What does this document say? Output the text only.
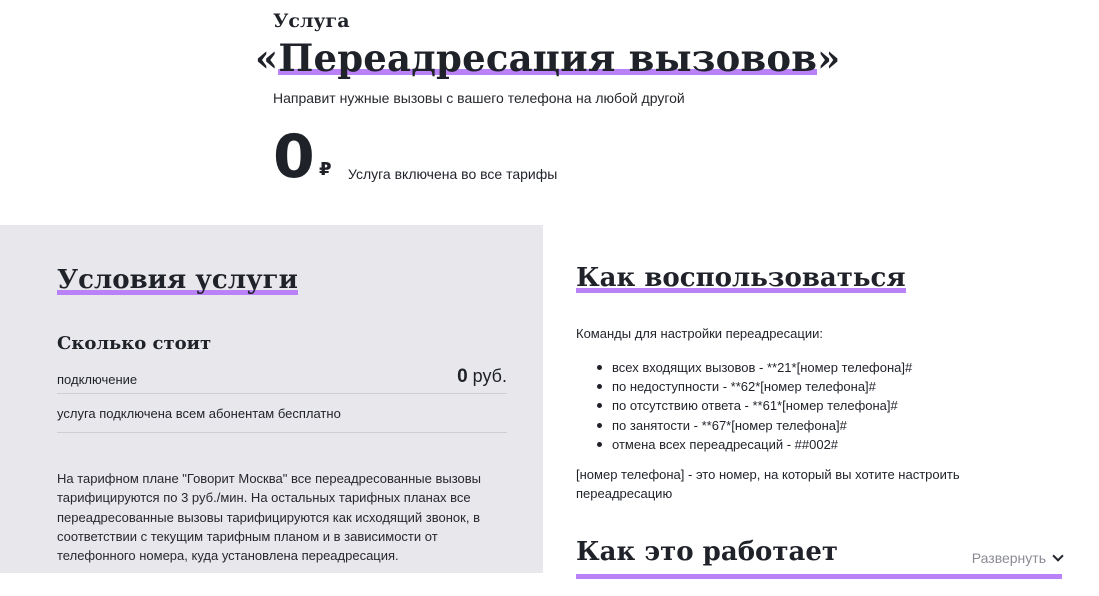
Услуга
«Переадресация вызовов»
Направит нужные вызовы с вашего телефона на любой другой
0 ₽ Услуга включена во все тарифы
Условия услуги
Сколько стоит
подключение	0 руб.
услуга подключена всем абонентам бесплатно

На тарифном плане "Говорит Москва" все переадресованные вызовы тарифицируются по 3 руб./мин. На остальных тарифных планах все переадресованные вызовы тарифицируются как исходящий звонок, в соответствии с текущим тарифным планом и в зависимости от телефонного номера, куда установлена переадресация.

Как воспользоваться

Команды для настройки переадресации:

всех входящих вызовов - **21*[номер телефона]#
по недоступности - **62*[номер телефона]#
по отсутствию ответа - **61*[номер телефона]#
по занятости - **67*[номер телефона]#
отмена всех переадресаций - ##002#

[номер телефона] - это номер, на который вы хотите настроить переадресацию

Как это работает	Развернуть
